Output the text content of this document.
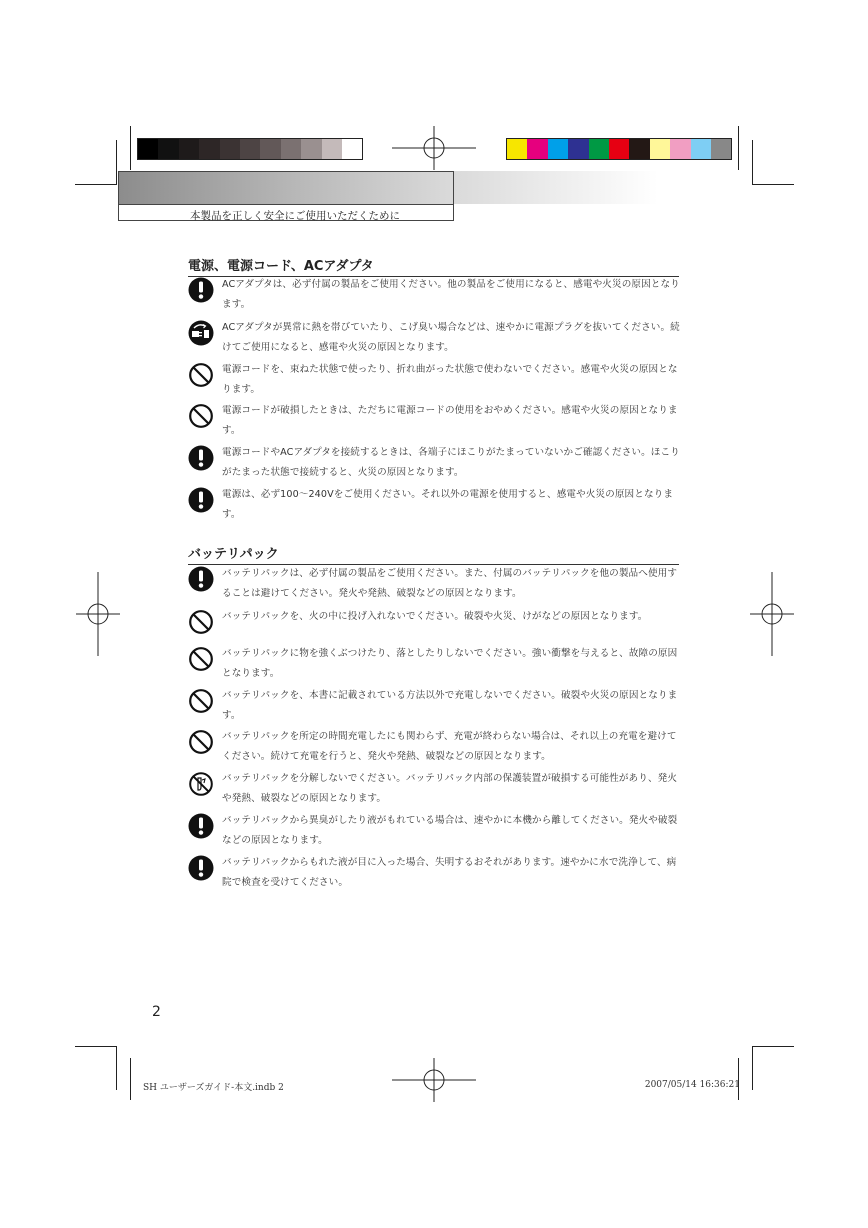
本製品を正しく安全にご使用いただくために
電源、電源コード、ACアダプタ
ACアダプタは、必ず付属の製品をご使用ください。他の製品をご使用になると、感電や火災の原因となります。
ACアダプタが異常に熱を帯びていたり、こげ臭い場合などは、速やかに電源プラグを抜いてください。続けてご使用になると、感電や火災の原因となります。
電源コードを、束ねた状態で使ったり、折れ曲がった状態で使わないでください。感電や火災の原因となります。
電源コードが破損したときは、ただちに電源コードの使用をおやめください。感電や火災の原因となります。
電源コードやACアダプタを接続するときは、各端子にほこりがたまっていないかご確認ください。ほこりがたまった状態で接続すると、火災の原因となります。
電源は、必ず100〜240Vをご使用ください。それ以外の電源を使用すると、感電や火災の原因となります。
バッテリパック
バッテリパックは、必ず付属の製品をご使用ください。また、付属のバッテリパックを他の製品へ使用することは避けてください。発火や発熱、破裂などの原因となります。
バッテリパックを、火の中に投げ入れないでください。破裂や火災、けがなどの原因となります。
バッテリパックに物を強くぶつけたり、落としたりしないでください。強い衝撃を与えると、故障の原因となります。
バッテリパックを、本書に記載されている方法以外で充電しないでください。破裂や火災の原因となります。
バッテリパックを所定の時間充電したにも関わらず、充電が終わらない場合は、それ以上の充電を避けてください。続けて充電を行うと、発火や発熱、破裂などの原因となります。
バッテリパックを分解しないでください。バッテリパック内部の保護装置が破損する可能性があり、発火や発熱、破裂などの原因となります。
バッテリパックから異臭がしたり液がもれている場合は、速やかに本機から離してください。発火や破裂などの原因となります。
バッテリパックからもれた液が目に入った場合、失明するおそれがあります。速やかに水で洗浄して、病院で検査を受けてください。
2
SH ユーザーズガイド-本文.indb 2	2007/05/14 16:36:21
